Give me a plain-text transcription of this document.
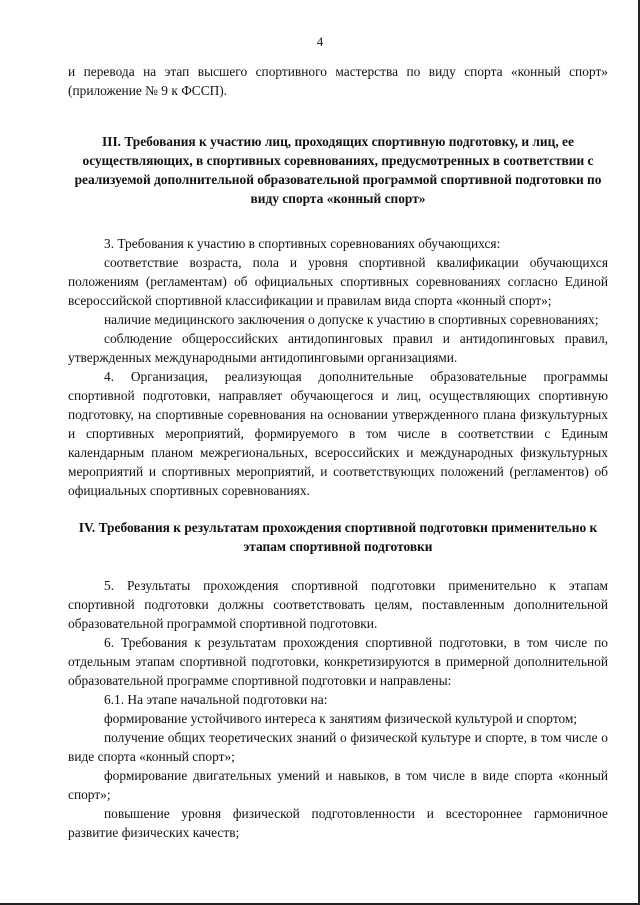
4

и перевода на этап высшего спортивного мастерства по виду спорта «конный спорт» (приложение № 9 к ФССП).

III. Требования к участию лиц, проходящих спортивную подготовку, и лиц, ее осуществляющих, в спортивных соревнованиях, предусмотренных в соответствии с реализуемой дополнительной образовательной программой спортивной подготовки по виду спорта «конный спорт»

3. Требования к участию в спортивных соревнованиях обучающихся:

соответствие возраста, пола и уровня спортивной квалификации обучающихся положениям (регламентам) об официальных спортивных соревнованиях согласно Единой всероссийской спортивной классификации и правилам вида спорта «конный спорт»;

наличие медицинского заключения о допуске к участию в спортивных соревнованиях;

соблюдение общероссийских антидопинговых правил и антидопинговых правил, утвержденных международными антидопинговыми организациями.

4. Организация, реализующая дополнительные образовательные программы спортивной подготовки, направляет обучающегося и лиц, осуществляющих спортивную подготовку, на спортивные соревнования на основании утвержденного плана физкультурных и спортивных мероприятий, формируемого в том числе в соответствии с Единым календарным планом межрегиональных, всероссийских и международных физкультурных мероприятий и спортивных мероприятий, и соответствующих положений (регламентов) об официальных спортивных соревнованиях.

IV. Требования к результатам прохождения спортивной подготовки применительно к этапам спортивной подготовки

5. Результаты прохождения спортивной подготовки применительно к этапам спортивной подготовки должны соответствовать целям, поставленным дополнительной образовательной программой спортивной подготовки.

6. Требования к результатам прохождения спортивной подготовки, в том числе по отдельным этапам спортивной подготовки, конкретизируются в примерной дополнительной образовательной программе спортивной подготовки и направлены:

6.1. На этапе начальной подготовки на:

формирование устойчивого интереса к занятиям физической культурой и спортом;

получение общих теоретических знаний о физической культуре и спорте, в том числе о виде спорта «конный спорт»;

формирование двигательных умений и навыков, в том числе в виде спорта «конный спорт»;

повышение уровня физической подготовленности и всестороннее гармоничное развитие физических качеств;
